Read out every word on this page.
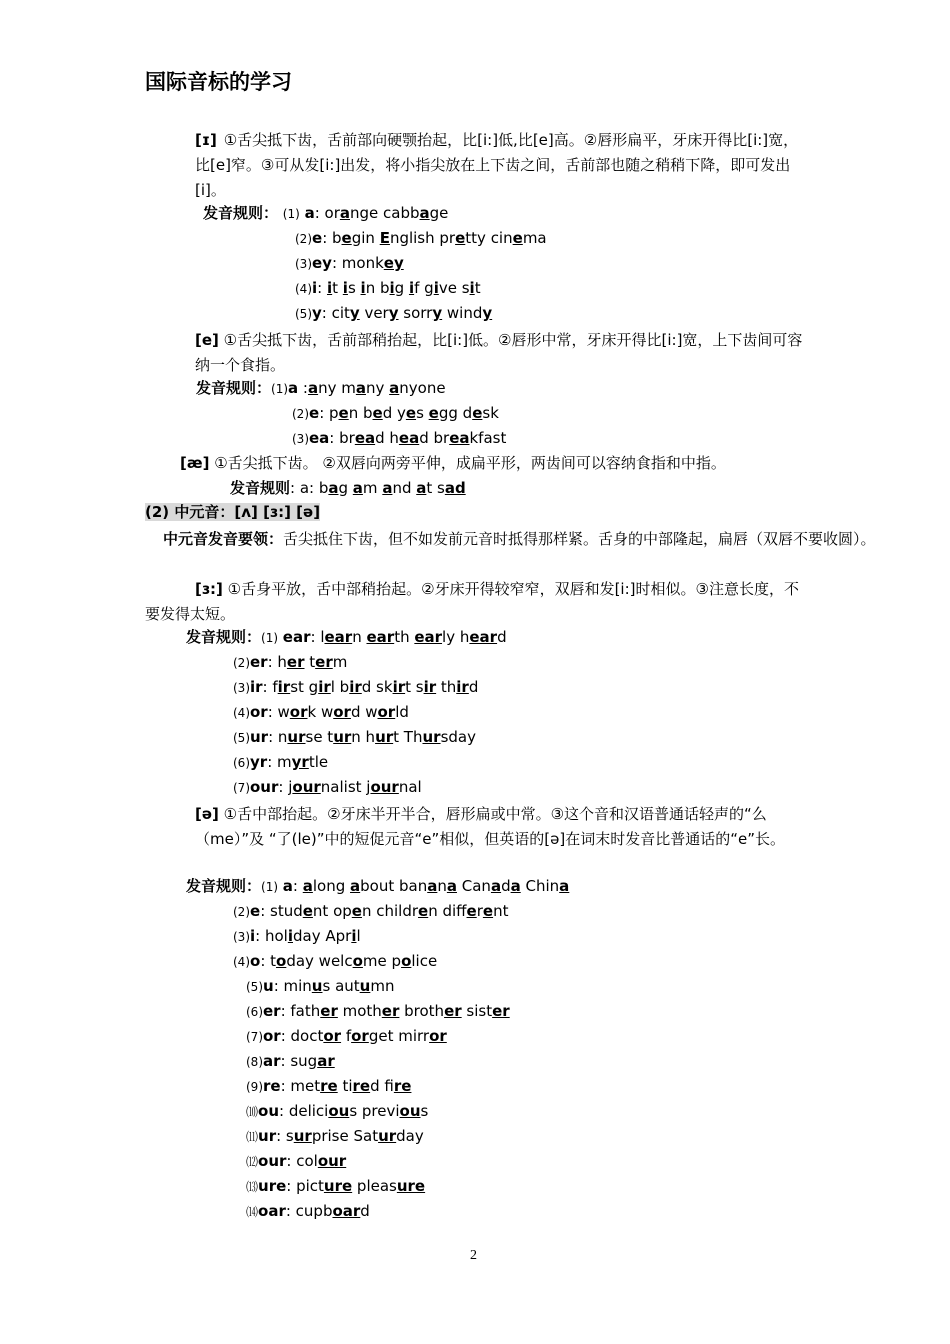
国际音标的学习
[ɪ] ①舌尖抵下齿，舌前部向硬颚抬起，比[i:]低,比[e]高。②唇形扁平，牙床开得比[i:]宽，比[e]窄。③可从发[i:]出发，将小指尖放在上下齿之间，舌前部也随之稍稍下降，即可发出[i]。
发音规则： (1) a: orange cabbage
(2)e: begin English pretty cinema
(3)ey: monkey
(4)i: it is in big if give sit
(5)y: city very sorry windy
[e] ①舌尖抵下齿，舌前部稍抬起，比[i:]低。②唇形中常，牙床开得比[i:]宽，上下齿间可容纳一个食指。
发音规则：(1)a :any many anyone
(2)e: pen bed yes egg desk
(3)ea: bread head breakfast
[æ] ①舌尖抵下齿。 ②双唇向两旁平伸，成扁平形，两齿间可以容纳食指和中指。
发音规则: a: bag am and at sad
(2) 中元音：[ʌ] [ɜ:] [ə]
中元音发音要领：舌尖抵住下齿，但不如发前元音时抵得那样紧。舌身的中部隆起，扁唇（双唇不要收圆）。
[ɜ:] ①舌身平放，舌中部稍抬起。②牙床开得较窄窄，双唇和发[i:]时相似。③注意长度，不要发得太短。
发音规则：(1) ear: learn earth early heard
(2)er: her term
(3)ir: first girl bird skirt sir third
(4)or: work word world
(5)ur: nurse turn hurt Thursday
(6)yr: myrtle
(7)our: journalist journal
[ə] ①舌中部抬起。②牙床半开半合，唇形扁或中常。③这个音和汉语普通话轻声的“么（me）”及 “了(le)”中的短促元音“e”相似，但英语的[ə]在词末时发音比普通话的“e”长。
发音规则：(1) a: along about banana Canada China
(2)e: student open children different
(3)i: holiday April
(4)o: today welcome police
(5)u: minus autumn
(6)er: father mother brother sister
(7)or: doctor forget mirror
(8)ar: sugar
(9)re: metre tired fire
⑽ou: delicious previous
⑾ur: surprise Saturday
⑿our: colour
⒀ure: picture pleasure
⒁oar: cupboard
2
